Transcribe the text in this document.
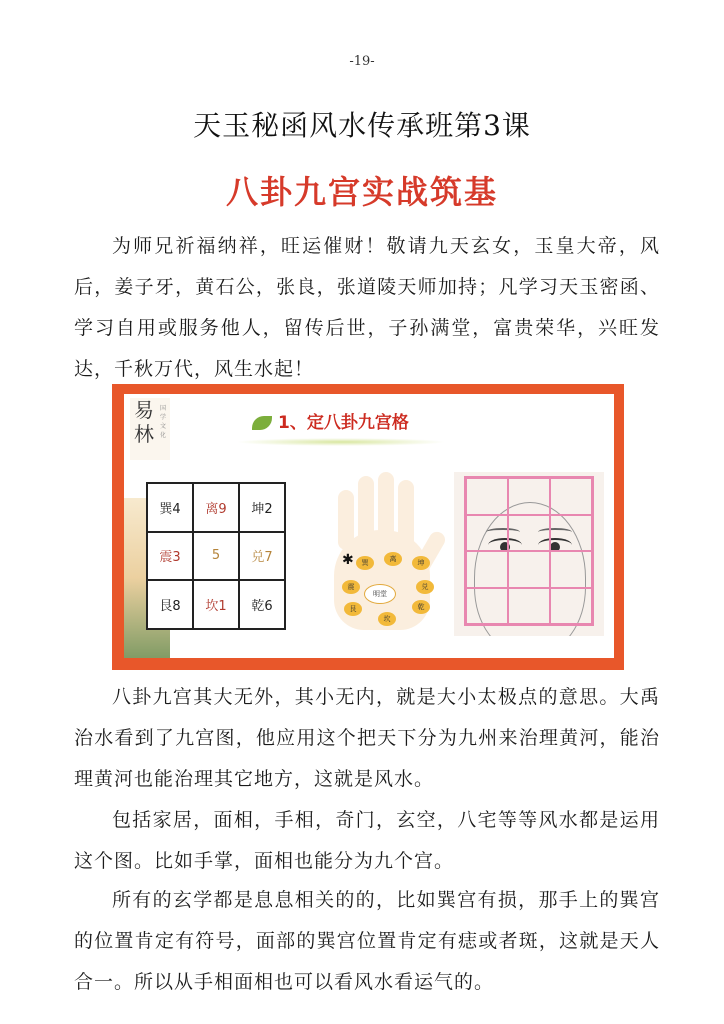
-19-
天玉秘函风水传承班第3课
八卦九宫实战筑基
为师兄祈福纳祥，旺运催财！敬请九天玄女，玉皇大帝，风后，姜子牙，黄石公，张良，张道陵天师加持；凡学习天玉密函、学习自用或服务他人，留传后世，子孙满堂，富贵荣华，兴旺发达，千秋万代，风生水起！
易林
国学文化
1、定八卦九宫格
巽4	离9	坤2
震3	5	兑7
艮8	坎1	乾6
✱	巽	离	坤
震	兑
艮
坎
乾
明堂
八卦九宫其大无外，其小无内，就是大小太极点的意思。大禹治水看到了九宫图，他应用这个把天下分为九州来治理黄河，能治理黄河也能治理其它地方，这就是风水。
包括家居，面相，手相，奇门，玄空，八宅等等风水都是运用这个图。比如手掌，面相也能分为九个宫。
所有的玄学都是息息相关的的，比如巽宫有损，那手上的巽宫的位置肯定有符号，面部的巽宫位置肯定有痣或者斑，这就是天人合一。所以从手相面相也可以看风水看运气的。
